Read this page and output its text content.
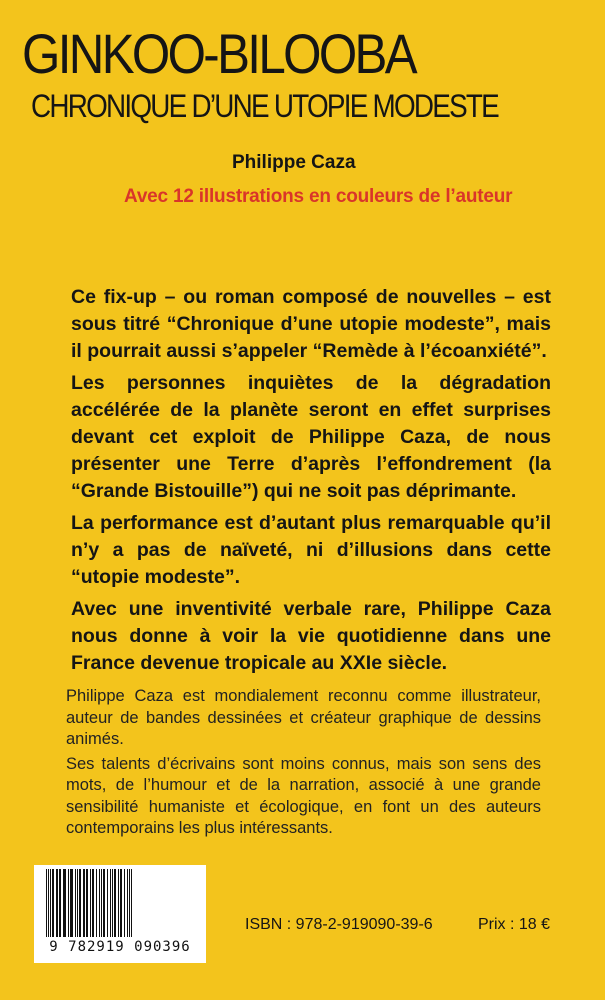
GINKOO-BILOOBA
CHRONIQUE D’UNE UTOPIE MODESTE
Philippe Caza
Avec 12 illustrations en couleurs de l’auteur

Ce fix-up – ou roman composé de nouvelles – est sous titré “Chronique d’une utopie modeste”, mais il pourrait aussi s’appeler “Remède à l’écoanxiété”.

Les personnes inquiètes de la dégradation accélérée de la planète seront en effet surprises devant cet exploit de Philippe Caza, de nous présenter une Terre d’après l’effondrement (la “Grande Bistouille”) qui ne soit pas déprimante.

La performance est d’autant plus remarquable qu’il n’y a pas de naïveté, ni d’illusions dans cette “utopie modeste”.

Avec une inventivité verbale rare, Philippe Caza nous donne à voir la vie quotidienne dans une France devenue tropicale au XXIe siècle.

Philippe Caza est mondialement reconnu comme illustrateur, auteur de bandes dessinées et créateur graphique de dessins animés.

Ses talents d’écrivains sont moins connus, mais son sens des mots, de l’humour et de la narration, associé à une grande sensibilité humaniste et écologique, en font un des auteurs contemporains les plus intéressants.

9 782919 090396
ISBN : 978-2-919090-39-6	Prix : 18 €
